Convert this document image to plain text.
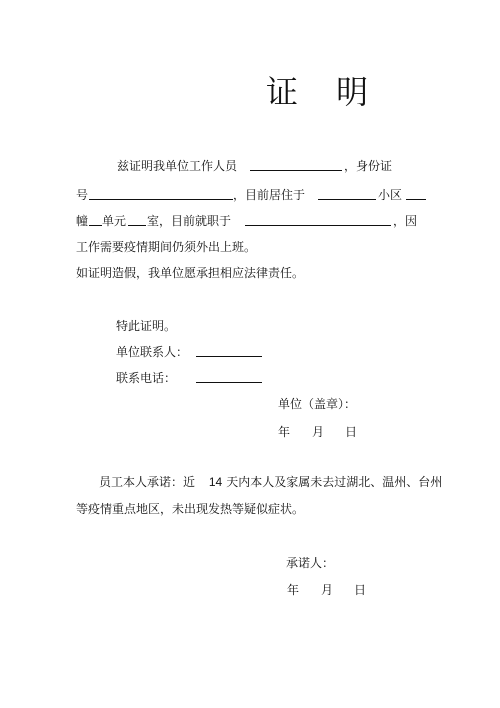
证 明
兹证明我单位工作人员	，身份证
号	，目前居住于	小区
幢 单元 室，目前就职于	，因
工作需要疫情期间仍须外出上班。
如证明造假，我单位愿承担相应法律责任。
特此证明。
单位联系人：
联系电话：
单位（盖章）：
年 月 日
员工本人承诺：近 14 天内本人及家属未去过湖北、温州、台州
等疫情重点地区，未出现发热等疑似症状。
承诺人：
年 月 日
